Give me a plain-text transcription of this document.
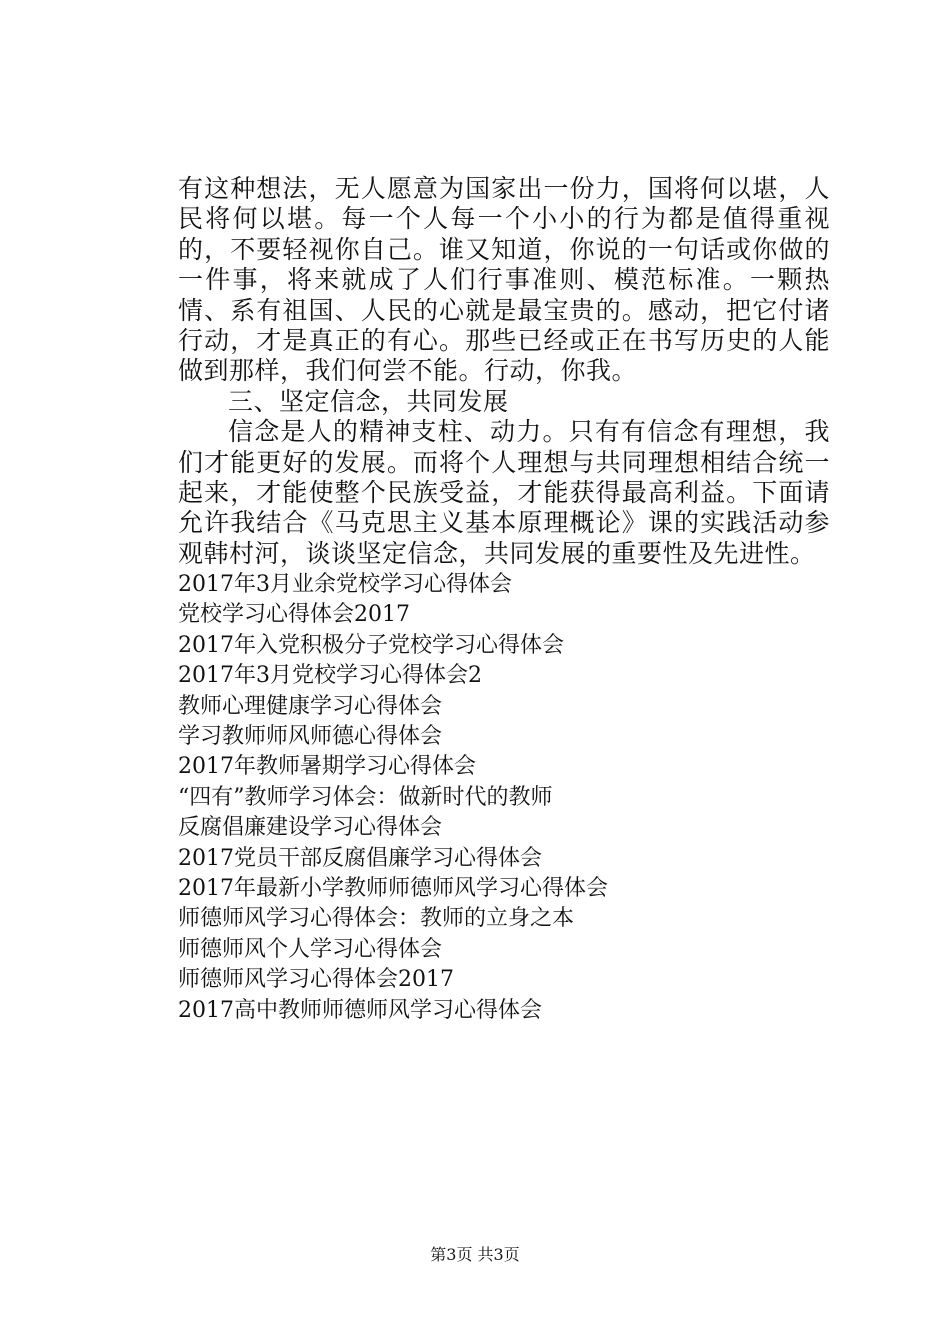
有这种想法，无人愿意为国家出一份力，国将何以堪，人民将何以堪。每一个人每一个小小的行为都是值得重视的，不要轻视你自己。谁又知道，你说的一句话或你做的一件事，将来就成了人们行事准则、模范标准。一颗热情、系有祖国、人民的心就是最宝贵的。感动，把它付诸行动，才是真正的有心。那些已经或正在书写历史的人能做到那样，我们何尝不能。行动，你我。

三、坚定信念，共同发展

信念是人的精神支柱、动力。只有有信念有理想，我们才能更好的发展。而将个人理想与共同理想相结合统一起来，才能使整个民族受益，才能获得最高利益。下面请允许我结合《马克思主义基本原理概论》课的实践活动参观韩村河，谈谈坚定信念，共同发展的重要性及先进性。

2017年3月业余党校学习心得体会
党校学习心得体会2017
2017年入党积极分子党校学习心得体会
2017年3月党校学习心得体会2
教师心理健康学习心得体会
学习教师师风师德心得体会
2017年教师暑期学习心得体会
“四有”教师学习体会：做新时代的教师
反腐倡廉建设学习心得体会
2017党员干部反腐倡廉学习心得体会
2017年最新小学教师师德师风学习心得体会
师德师风学习心得体会：教师的立身之本
师德师风个人学习心得体会
师德师风学习心得体会2017
2017高中教师师德师风学习心得体会
第3页 共3页
